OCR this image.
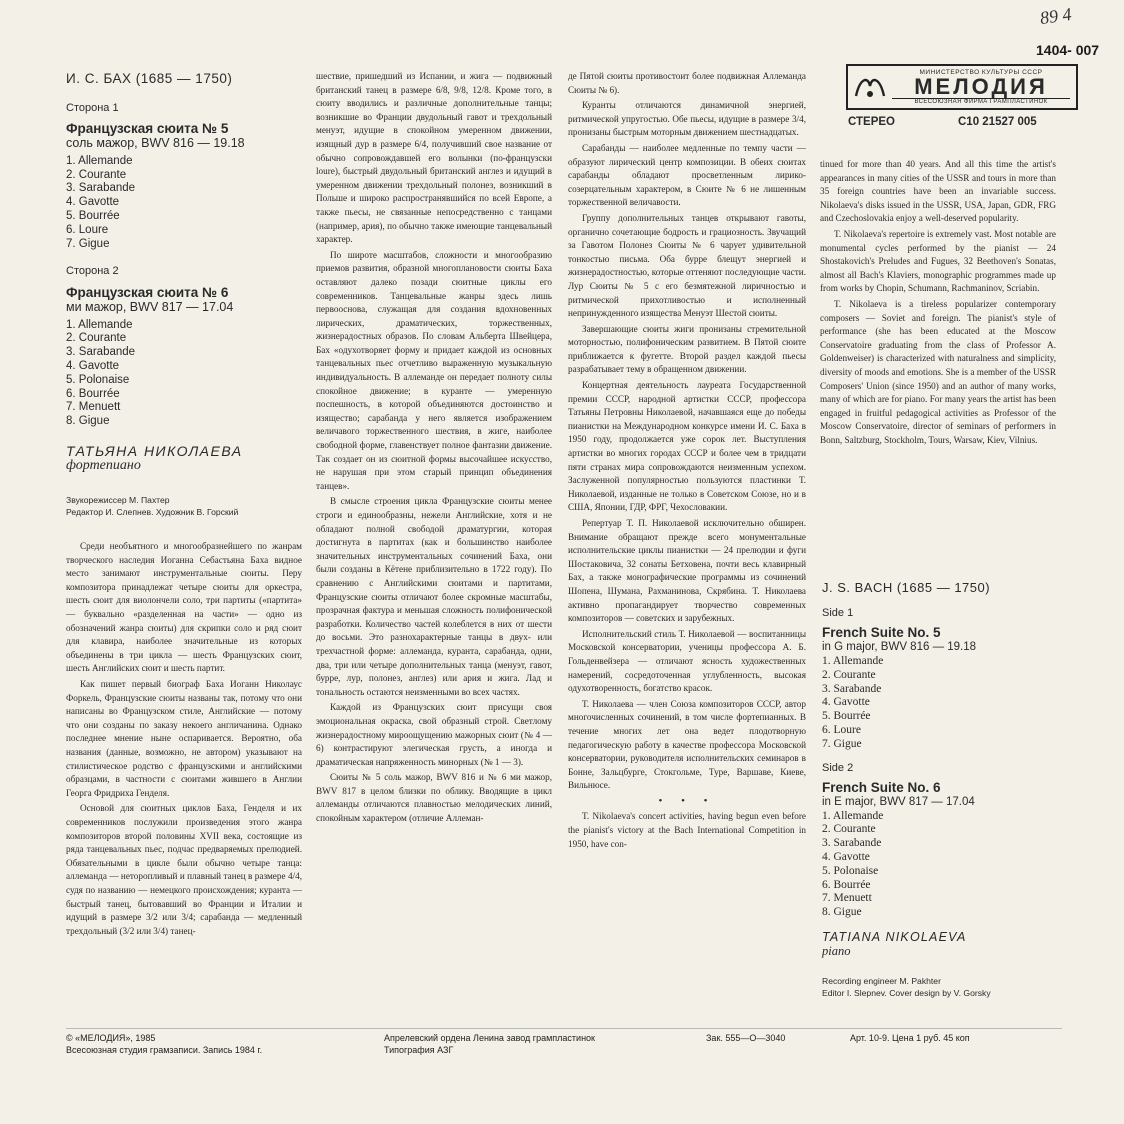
89 4
1404- 007
МИНИСТЕРСТВО КУЛЬТУРЫ СССР
МЕЛОДИЯ
ВСЕСОЮЗНАЯ ФИРМА ГРАМПЛАСТИНОК
СТЕРЕО	С10 21527 005
И. С. БАХ (1685 — 1750)
Сторона 1
Французская сюита № 5
соль мажор, BWV 816 — 19.18
1. Allemande
2. Courante
3. Sarabande
4. Gavotte
5. Bourrée
6. Loure
7. Gigue
Сторона 2
Французская сюита № 6
ми мажор, BWV 817 — 17.04
1. Allemande
2. Courante
3. Sarabande
4. Gavotte
5. Polonaise
6. Bourrée
7. Menuett
8. Gigue
ТАТЬЯНА НИКОЛАЕВА
фортепиано
Звукорежиссер М. Пахтер
Редактор И. Слепнев. Художник В. Горский

Среди необъятного и многообразнейшего по жанрам творческого наследия Иоганна Себастьяна Баха видное место занимают инструментальные сюиты. Перу композитора принадлежат четыре сюиты для оркестра, шесть сюит для виолончели соло, три партиты («партита» — буквально «разделенная на части» — одно из обозначений жанра сюиты) для скрипки соло и ряд сюит для клавира, наиболее значительные из которых объединены в три цикла — шесть Французских сюит, шесть Английских сюит и шесть партит.

Как пишет первый биограф Баха Иоганн Николаус Форкель, Французские сюиты названы так, потому что они написаны во Французском стиле, Английские — потому что они созданы по заказу некоего англичанина. Однако последнее мнение ныне оспаривается. Вероятно, оба названия (данные, возможно, не автором) указывают на стилистическое родство с французскими и английскими образцами, в частности с сюитами жившего в Англии Георга Фридриха Генделя.

Основой для сюитных циклов Баха, Генделя и их современников послужили произведения этого жанра композиторов второй половины XVII века, состоящие из ряда танцевальных пьес, подчас предваряемых прелюдией. Обязательными в цикле были обычно четыре танца: аллеманда — неторопливый и плавный танец в размере 4/4, судя по названию — немецкого происхождения; куранта — быстрый танец, бытовавший во Франции и Италии и идущий в размере 3/2 или 3/4; сарабанда — медленный трехдольный (3/2 или 3/4) танец-

шествие, пришедший из Испании, и жига — подвижный британский танец в размере 6/8, 9/8, 12/8. Кроме того, в сюиту вводились и различные дополнительные танцы; возникшие во Франции двудольный гавот и трехдольный менуэт, идущие в спокойном умеренном движении, изящный дур в размере 6/4, получивший свое название от обычно сопровождавшей его волынки (по-французски loure), быстрый двудольный британский англез и идущий в умеренном движении трехдольный полонез, возникший в Польше и широко распространявшийся по всей Европе, а также пьесы, не связанные непосредственно с танцами (например, ария), по обычно также имеющие танцевальный характер.

По широте масштабов, сложности и многообразию приемов развития, образной многоплановости сюиты Баха оставляют далеко позади сюитные циклы его современников. Танцевальные жанры здесь лишь первооснова, служащая для создания вдохновенных лирических, драматических, торжественных, жизнерадостных образов. По словам Альберта Швейцера, Бах «одухотворяет форму и придает каждой из основных танцевальных пьес отчетливо выраженную музыкальную индивидуальность. В аллеманде он передает полноту силы спокойное движение; в куранте — умеренную поспешность, в которой объединяются достоинство и изящество; сарабанда у него является изображением величавого торжественного шествия, в жиге, наиболее свободной форме, главенствует полное фантазии движение. Так создает он из сюитной формы высочайшее искусство, не нарушая при этом старый принцип объединения танцев».

В смысле строения цикла Французские сюиты менее строги и единообразны, нежели Английские, хотя и не обладают полной свободой драматургии, которая достигнута в партитах (как и большинство наиболее значительных инструментальных сочинений Баха, они были созданы в Кётене приблизительно в 1722 году). По сравнению с Английскими сюитами и партитами, Французские сюиты отличают более скромные масштабы, прозрачная фактура и меньшая сложность полифонической разработки. Количество частей колеблется в них от шести до восьми. Это разнохарактерные танцы в двух- или трехчастной форме: аллеманда, куранта, сарабанда, одни, два, три или четыре дополнительных танца (менуэт, гавот, бурре, лур, полонез, англез) или ария и жига. Лад и тональность остаются неизменными во всех частях.

Каждой из Французских сюит присущи своя эмоциональная окраска, свой образный строй. Светлому жизнерадостному мироощущению мажорных сюит (№ 4 — 6) контрастируют элегическая грусть, а иногда и драматическая напряженность минорных (№ 1 — 3).

Сюиты № 5 соль мажор, BWV 816 и № 6 ми мажор, BWV 817 в целом близки по облику. Вводящие в цикл аллеманды отличаются плавностью мелодических линий, спокойным характером (отличие Аллеман-

де Пятой сюиты противостоит более подвижная Аллеманда Сюиты № 6).

Куранты отличаются динамичной энергией, ритмической упругостью. Обе пьесы, идущие в размере 3/4, пронизаны быстрым моторным движением шестнадцатых.

Сарабанды — наиболее медленные по темпу части — образуют лирический центр композиции. В обеих сюитах сарабанды обладают просветленным лирико-созерцательным характером, в Сюите № 6 не лишенным торжественной величавости.

Группу дополнительных танцев открывают гавоты, органично сочетающие бодрость и грациозность. Звучащий за Гавотом Полонез Сюиты № 6 чарует удивительной тонкостью письма. Оба бурре блещут энергией и жизнерадостностью, которые оттеняют последующие части. Лур Сюиты № 5 с его безмятежной лиричностью и ритмической прихотливостью и исполненный непринужденного изящества Менуэт Шестой сюиты.

Завершающие сюиты жиги пронизаны стремительной моторностью, полифоническим развитием. В Пятой сюите приближается к фугетте. Второй раздел каждой пьесы разрабатывает тему в обращенном движении.

Концертная деятельность лауреата Государственной премии СССР, народной артистки СССР, профессора Татьяны Петровны Николаевой, начавшаяся еще до победы пианистки на Международном конкурсе имени И. С. Баха в 1950 году, продолжается уже сорок лет. Выступления артистки во многих городах СССР и более чем в тридцати пяти странах мира сопровождаются неизменным успехом. Заслуженной популярностью пользуются пластинки Т. Николаевой, изданные не только в Советском Союзе, но и в США, Японии, ГДР, ФРГ, Чехословакии.

Репертуар Т. П. Николаевой исключительно обширен. Внимание обращают прежде всего монументальные исполнительские циклы пианистки — 24 прелюдии и фуги Шостаковича, 32 сонаты Бетховена, почти весь клавирный Бах, а также монографические программы из сочинений Шопена, Шумана, Рахманинова, Скрябина. Т. Николаева активно пропагандирует творчество современных композиторов — советских и зарубежных.

Исполнительский стиль Т. Николаевой — воспитанницы Московской консерватории, ученицы профессора А. Б. Гольденвейзера — отличают ясность художественных намерений, сосредоточенная углубленность, высокая одухотворенность, богатство красок.

Т. Николаева — член Союза композиторов СССР, автор многочисленных сочинений, в том числе фортепианных. В течение многих лет она ведет плодотворную педагогическую работу в качестве профессора Московской консерватории, руководителя исполнительских семинаров в Бонне, Зальцбурге, Стокгольме, Туре, Варшаве, Киеве, Вильнюсе.

• • •

T. Nikolaeva's concert activities, having begun even before the pianist's victory at the Bach International Competition in 1950, have con-

tinued for more than 40 years. And all this time the artist's appearances in many cities of the USSR and tours in more than 35 foreign countries have been an invariable success. Nikolaeva's disks issued in the USSR, USA, Japan, GDR, FRG and Czechoslovakia enjoy a well-deserved popularity.

T. Nikolaeva's repertoire is extremely vast. Most notable are monumental cycles performed by the pianist — 24 Shostakovich's Preludes and Fugues, 32 Beethoven's Sonatas, almost all Bach's Klaviers, monographic programmes made up from works by Chopin, Schumann, Rachmaninov, Scriabin.

T. Nikolaeva is a tireless popularizer contemporary composers — Soviet and foreign. The pianist's style of performance (she has been educated at the Moscow Conservatoire graduating from the class of Professor A. Goldenweiser) is characterized with naturalness and simplicity, diversity of moods and emotions. She is a member of the USSR Composers' Union (since 1950) and an author of many works, many of which are for piano. For many years the artist has been engaged in fruitful pedagogical activities as Professor of the Moscow Conservatoire, director of seminars of performers in Bonn, Saltzburg, Stockholm, Tours, Warsaw, Kiev, Vilnius.

J. S. BACH (1685 — 1750)
Side 1
French Suite No. 5
in G major, BWV 816 — 19.18
1. Allemande
2. Courante
3. Sarabande
4. Gavotte
5. Bourrée
6. Loure
7. Gigue
Side 2
French Suite No. 6
in E major, BWV 817 — 17.04
1. Allemande
2. Courante
3. Sarabande
4. Gavotte
5. Polonaise
6. Bourrée
7. Menuett
8. Gigue
TATIANA NIKOLAEVA
piano
Recording engineer M. Pakhter
Editor I. Slepnev. Cover design by V. Gorsky
© «МЕЛОДИЯ», 1985
Всесоюзная студия грамзаписи. Запись 1984 г.
Апрелевский ордена Ленина завод грампластинок
Типография АЗГ
Зак. 555—О—3040	Арт. 10-9. Цена 1 руб. 45 коп
